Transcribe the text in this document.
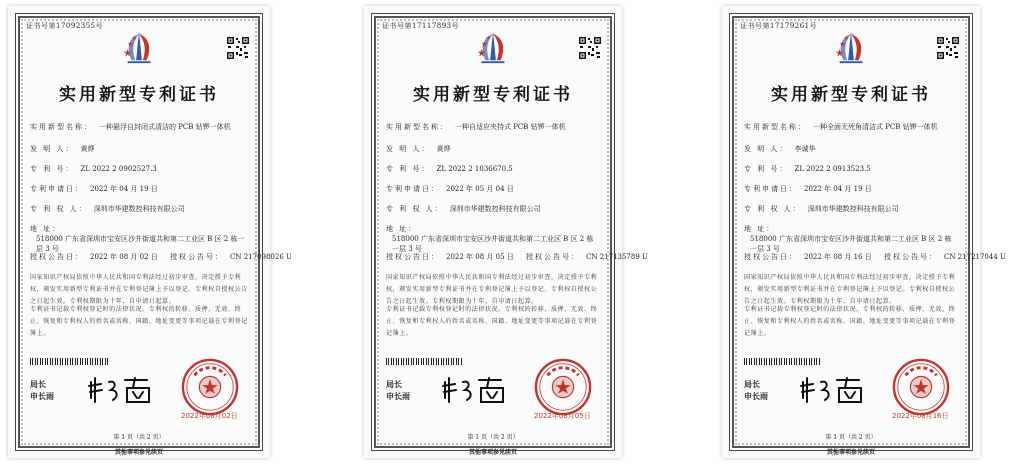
证书号第17092355号
实用新型专利证书
实用新型名称： 一种悬浮自封闭式清洁的 PCB 钻锣一体机
发 明 人： 黄烨
专 利 号： ZL 2022 2 0902527.3
专利申请日： 2022 年 04 月 19 日
专 利 权 人： 深圳市华建数控科技有限公司
地 址：518000 广东省深圳市宝安区沙井街道共和第二工业区 B 区 2 栋一层 3 号
授权公告日： 2022 年 08 月 02 日 授权公告号： CN 217098026 U
国家知识产权局依照中华人民共和国专利法经过初步审查，决定授予专利权，颁发实用新型专利证书并在专利登记簿上予以登记。专利权自授权公告之日起生效。专利权期限为十年，自申请日起算。
专利证书记载专利权登记时的法律状况。专利权的转移、质押、无效、终止、恢复和专利权人的姓名或名称、国籍、地址变更等事项记载在专利登记簿上。
局长
申长雨
2022年08月02日
第 1 页（共 2 页）
其他事项参见续页
证书号第17117893号
实用新型专利证书
实用新型名称： 一种自适应夹持式 PCB 钻锣一体机
发 明 人： 黄烨
专 利 号： ZL 2022 2 1036670.5
专利申请日： 2022 年 05 月 04 日
专 利 权 人： 深圳市华建数控科技有限公司
地 址：518000 广东省深圳市宝安区沙井街道共和第二工业区 B 区 2 栋一层 3 号
授权公告日： 2022 年 08 月 05 日 授权公告号： CN 217135789 U
国家知识产权局依照中华人民共和国专利法经过初步审查，决定授予专利权，颁发实用新型专利证书并在专利登记簿上予以登记。专利权自授权公告之日起生效。专利权期限为十年，自申请日起算。
专利证书记载专利权登记时的法律状况。专利权的转移、质押、无效、终止、恢复和专利权人的姓名或名称、国籍、地址变更等事项记载在专利登记簿上。
局长
申长雨
2022年08月05日
第 1 页（共 2 页）
其他事项参见续页
证书号第17179261号
实用新型专利证书
实用新型名称： 一种全面无死角清洁式 PCB 钻锣一体机
发 明 人： 李诚华
专 利 号： ZL 2022 2 0913523.5
专利申请日： 2022 年 04 月 19 日
专 利 权 人： 深圳市华建数控科技有限公司
地 址：518000 广东省深圳市宝安区沙井街道共和第二工业区 B 区 2 栋一层 3 号
授权公告日： 2022 年 08 月 16 日 授权公告号： CN 217217044 U
国家知识产权局依照中华人民共和国专利法经过初步审查，决定授予专利权，颁发实用新型专利证书并在专利登记簿上予以登记。专利权自授权公告之日起生效。专利权期限为十年，自申请日起算。
专利证书记载专利权登记时的法律状况。专利权的转移、质押、无效、终止、恢复和专利权人的姓名或名称、国籍、地址变更等事项记载在专利登记簿上。
局长
申长雨
2022年08月16日
第 1 页（共 2 页）
其他事项参见续页
